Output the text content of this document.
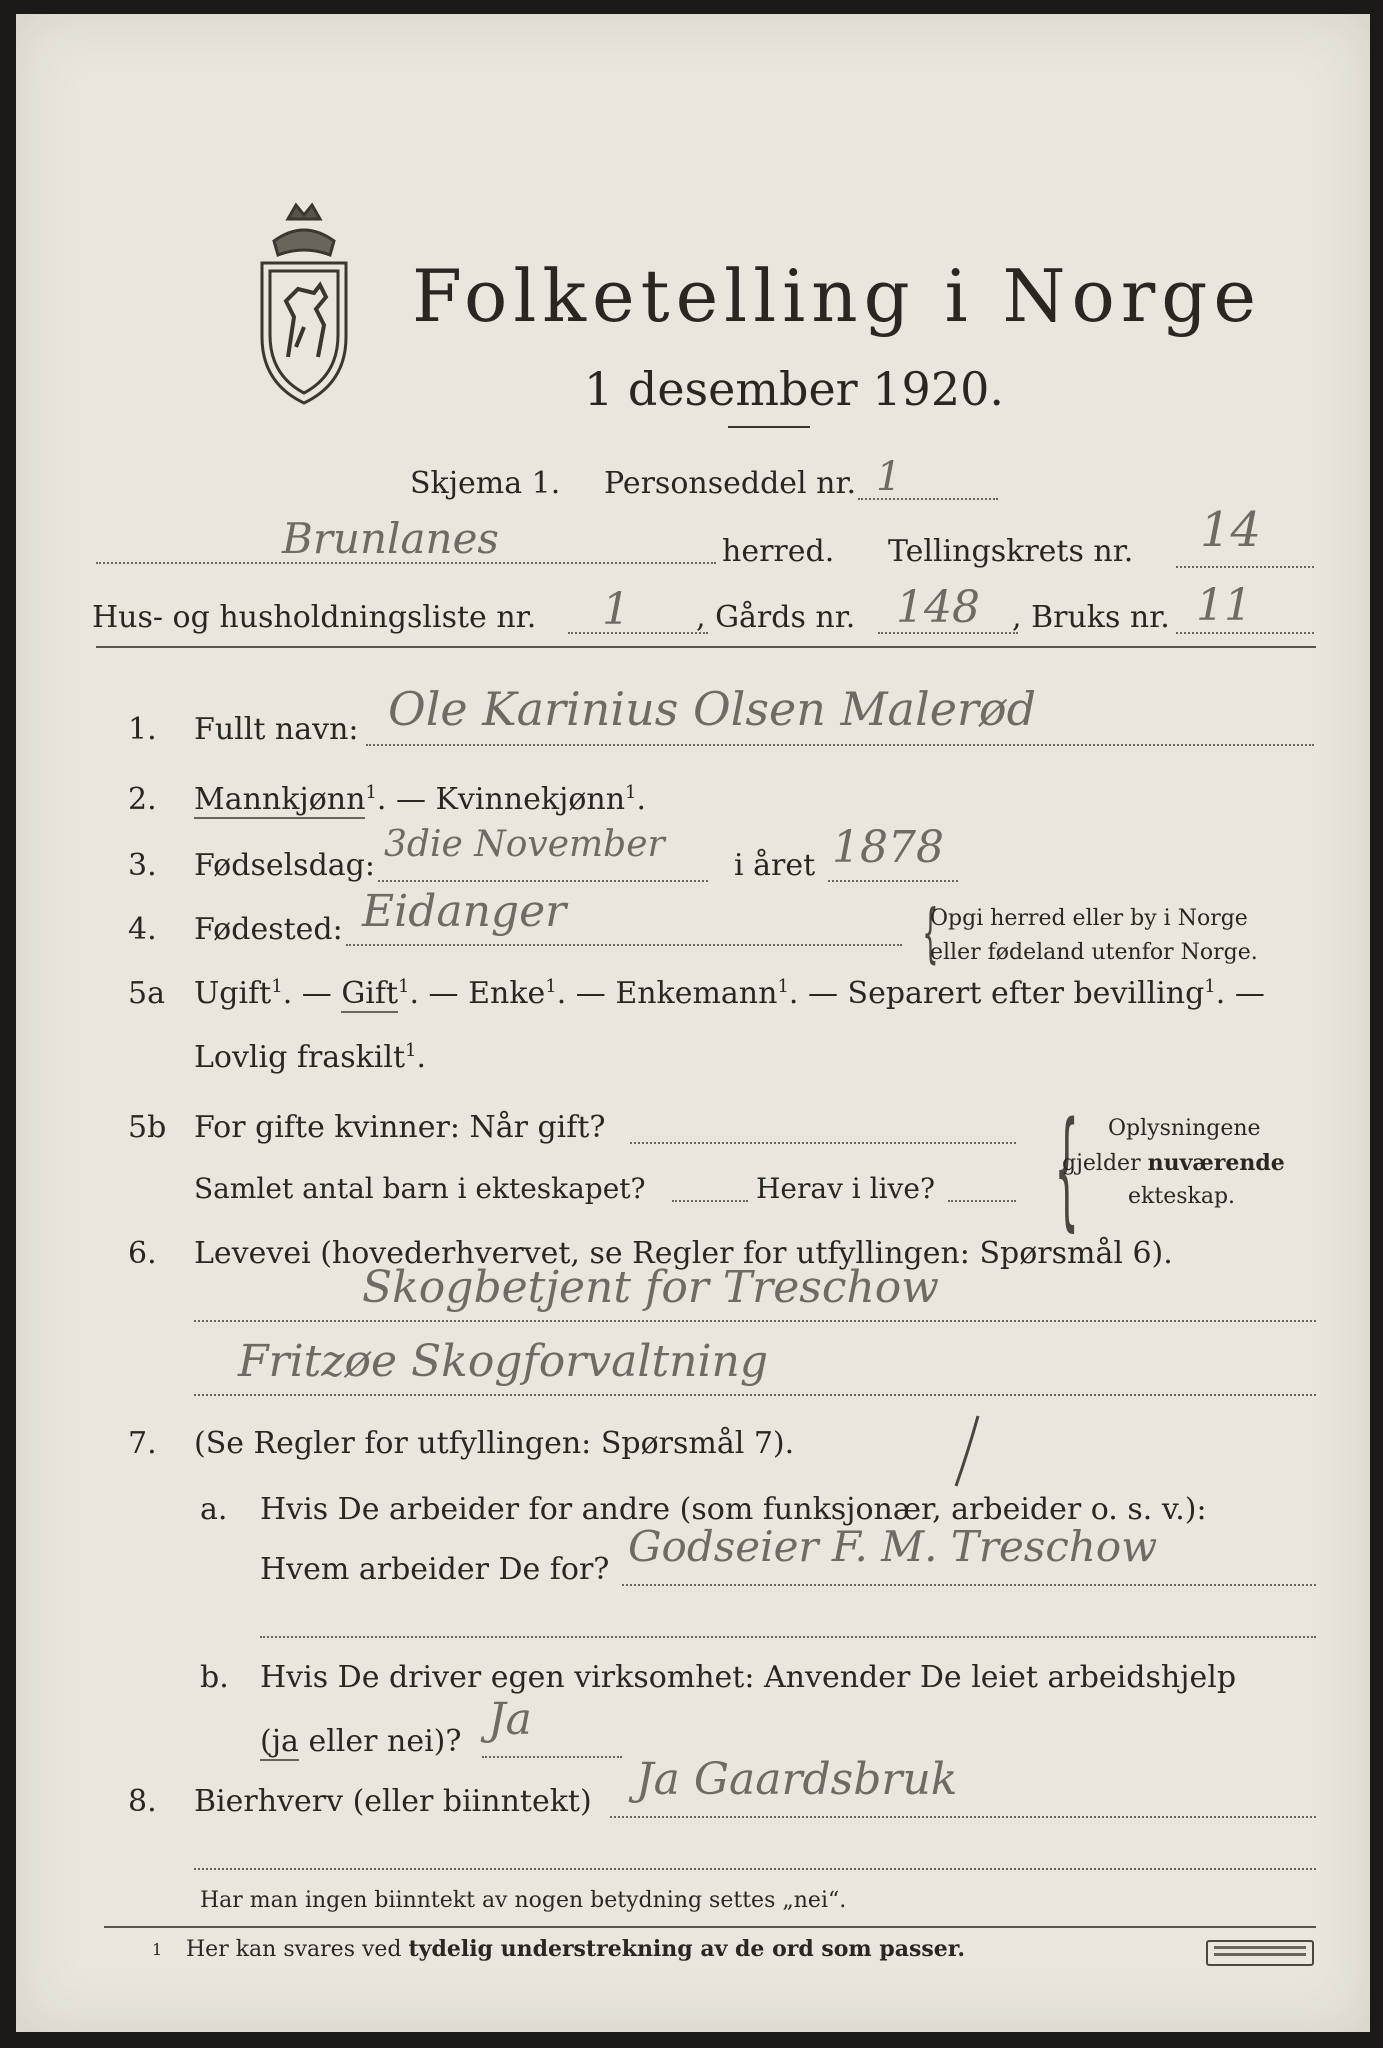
Folketelling i Norge
1 desember 1920.
Skjema 1. Personseddel nr. 1
Brunlanes	herred. Tellingskrets nr. 14
Hus- og husholdningsliste nr. 1 , Gårds nr. 148 , Bruks nr. 11
1. Fullt navn: Ole Karinius Olsen Malerød
2. Mannkjønn$^1$. — Kvinnekjønn$^1$.
3. Fødselsdag:
3die November
i året 1878
4. Fødested: Eidanger	{
Opgi herred eller by i Norge
eller fødeland utenfor Norge.
5a Ugift$^1$. — Gift$^1$. — Enke$^1$. — Enkemann$^1$. — Separert efter bevilling$^1$. —
Lovlig fraskilt$^1$.
5b For gifte kvinner: Når gift?
Samlet antal barn i ekteskapet?	Herav i live? { Oplysningene
gjelder nuværende
ekteskap.
6. Levevei (hovederhvervet, se Regler for utfyllingen: Spørsmål 6).
Skogbetjent for Treschow
Fritzøe Skogforvaltning
7. (Se Regler for utfyllingen: Spørsmål 7).
a. Hvis De arbeider for andre (som funksjonær, arbeider o. s. v.):
Hvem arbeider De for? Godseier F. M. Treschow
b. Hvis De driver egen virksomhet: Anvender De leiet arbeidshjelp
(ja eller nei)? Ja
8. Bierhverv (eller biinntekt) Ja Gaardsbruk
Har man ingen biinntekt av nogen betydning settes „nei“.
1 Her kan svares ved tydelig understrekning av de ord som passer.
